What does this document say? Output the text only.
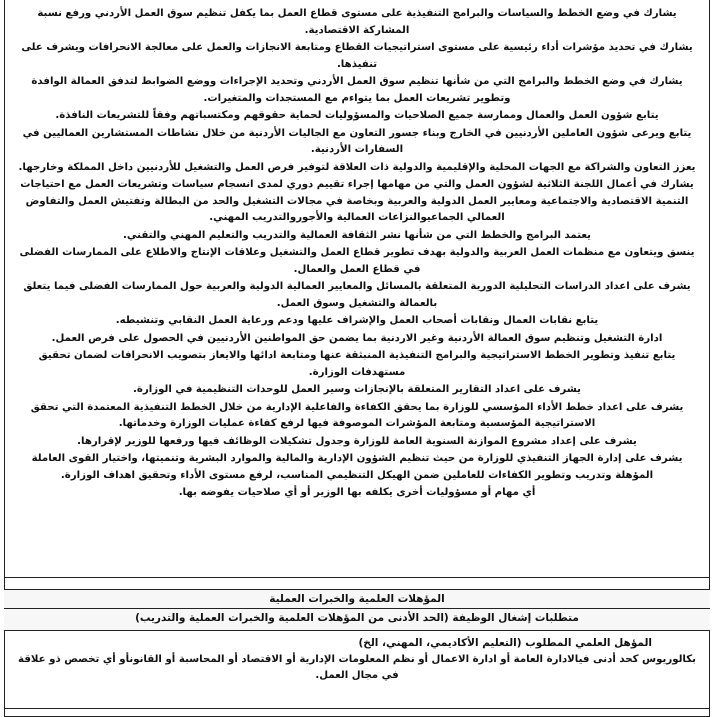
يشارك في وضع الخطط والسياسات والبرامج التنفيذية على مستوى قطاع العمل بما يكفل تنظيم سوق العمل الأردني ورفع نسبة المشاركة الاقتصادية.

يشارك في تحديد مؤشرات أداء رئيسية على مستوى استراتيجيات القطاع ومتابعة الانجازات والعمل على معالجة الانحرافات ويشرف على تنفيذها.

يشارك في وضع الخطط والبرامج التي من شأنها تنظيم سوق العمل الأردني وتحديد الإجراءات ووضع الضوابط لتدفق العمالة الوافدة وتطوير تشريعات العمل بما يتواءم مع المستجدات والمتغيرات.

يتابع شؤون العمل والعمال وممارسة جميع الصلاحيات والمسؤوليات لحماية حقوقهم ومكتسباتهم وفقاً للتشريعات النافذة.

يتابع ويرعى شؤون العاملين الأردنيين في الخارج وبناء جسور التعاون مع الجاليات الأردنية من خلال نشاطات المستشارين العماليين في السفارات الأردنية.

يعزز التعاون والشراكة مع الجهات المحلية والإقليمية والدولية ذات العلاقة لتوفير فرص العمل والتشغيل للأردنيين داخل المملكة وخارجها.

يشارك في أعمال اللجنة الثلاثية لشؤون العمل والتي من مهامها إجراء تقييم دوري لمدى انسجام سياسات وتشريعات العمل مع احتياجات التنمية الاقتصادية والاجتماعية ومعايير العمل الدولية والعربية وبخاصة في مجالات التشغيل والحد من البطالة وتفتيش العمل والتفاوض العمالي الجماعيوالنزاعات العمالية والأجوروالتدريب المهني.

يعتمد البرامج والخطط التي من شأنها نشر الثقافة العمالية والتدريب والتعليم المهني والتقني.

ينسق ويتعاون مع منظمات العمل العربية والدولية بهدف تطوير قطاع العمل والتشغيل وعلاقات الإنتاج والاطلاع على الممارسات الفضلى في قطاع العمل والعمال.

يشرف على اعداد الدراسات التحليلية الدورية المتعلقة بالمسائل والمعايير العمالية الدولية والعربية حول الممارسات الفضلى فيما يتعلق بالعمالة والتشغيل وسوق العمل.

يتابع نقابات العمال ونقابات أصحاب العمل والإشراف عليها ودعم ورعاية العمل النقابي وتنشيطه.

ادارة التشغيل وتنظيم سوق العمالة الأردنية وغير الاردنية بما يضمن حق المواطنين الأردنيين في الحصول على فرص العمل.

يتابع تنفيذ وتطوير الخطط الاستراتيجية والبرامج التنفيذية المنبثقة عنها ومتابعة ادائها والايعاز بتصويب الانحرافات لضمان تحقيق مستهدفات الوزارة.

يشرف على اعداد التقارير المتعلقة بالإنجازات وسير العمل للوحدات التنظيمية في الوزارة.

يشرف على اعداد خطط الأداء المؤسسي للوزارة بما يحقق الكفاءة والفاعلية الإدارية من خلال الخطط التنفيذية المعتمدة التي تحقق الاستراتيجية المؤسسية ومتابعة المؤشرات الموصوفة فيها لرفع كفاءة عمليات الوزارة وخدماتها.

يشرف على إعداد مشروع الموازنة السنوية العامة للوزارة وجدول تشكيلات الوظائف فيها ورفعها للوزير لإقرارها.

يشرف على إدارة الجهاز التنفيذي للوزارة من حيث تنظيم الشؤون الإدارية والمالية والموارد البشرية وتنميتها، واختيار القوى العاملة المؤهلة وتدريب وتطوير الكفاءات للعاملين ضمن الهيكل التنظيمي المناسب، لرفع مستوى الأداء وتحقيق اهداف الوزارة.

أي مهام أو مسؤوليات أخرى يكلفه بها الوزير أو أي صلاحيات يفوضه بها.

المؤهلات العلمية والخبرات العملية
متطلبات إشغال الوظيفة (الحد الأدنى من المؤهلات العلمية والخبرات العملية والتدريب)
المؤهل العلمي المطلوب (التعليم الأكاديمي، المهني، الخ)
بكالوريوس كحد أدنى فيالادارة العامة أو ادارة الاعمال أو نظم المعلومات الإدارية أو الاقتصاد أو المحاسبة أو القانونأو أي تخصص ذو علاقة في مجال العمل.
